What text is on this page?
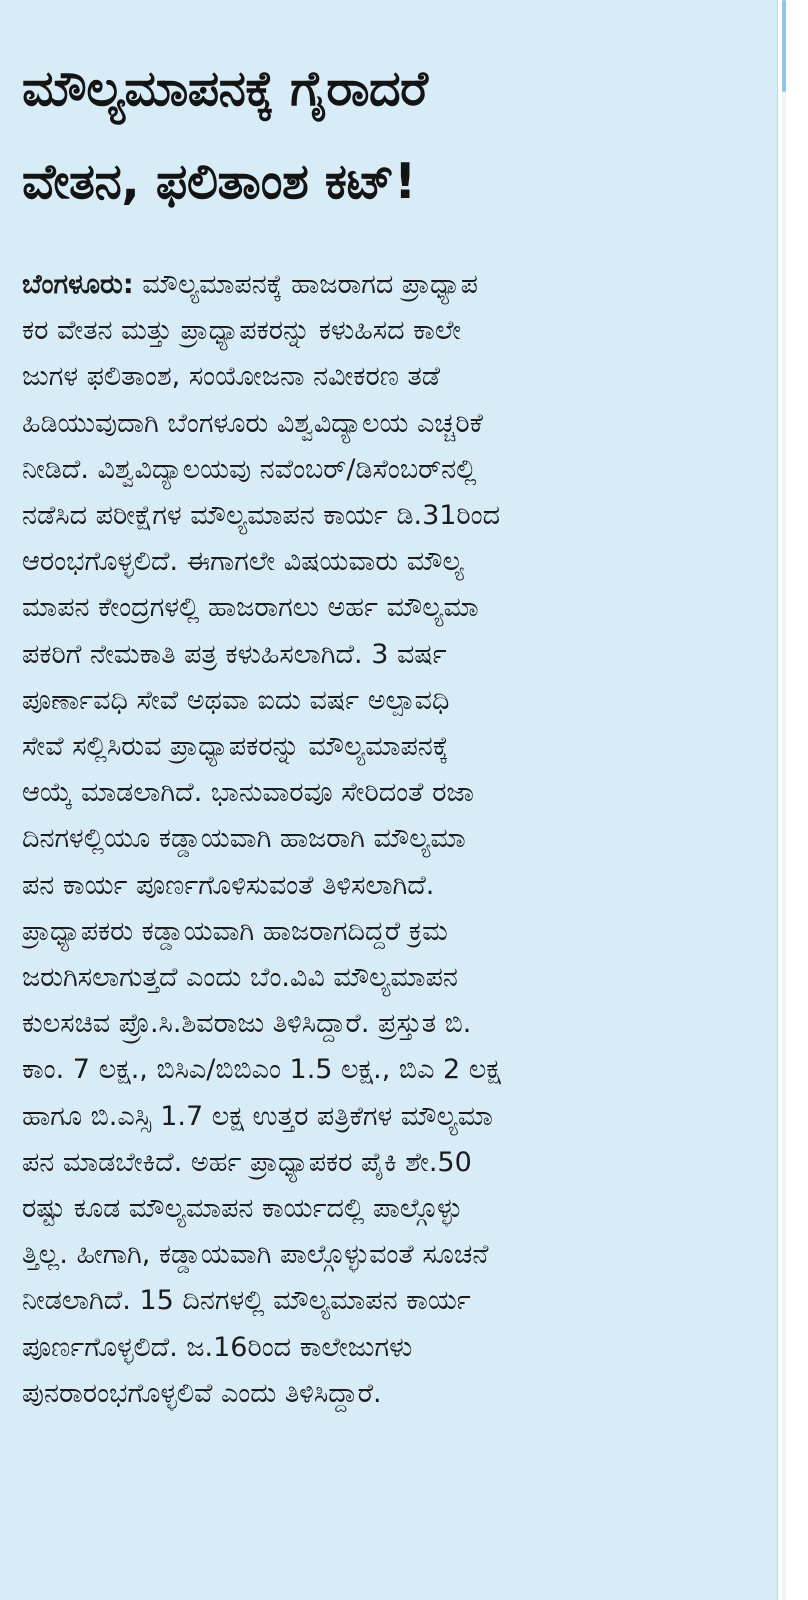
ಮೌಲ್ಯಮಾಪನಕ್ಕೆ ಗೈರಾದರೆ
ವೇತನ, ಫಲಿತಾಂಶ ಕಟ್!
ಬೆಂಗಳೂರು: ಮೌಲ್ಯಮಾಪನಕ್ಕೆ ಹಾಜರಾಗದ ಪ್ರಾಧ್ಯಾಪ
ಕರ ವೇತನ ಮತ್ತು ಪ್ರಾಧ್ಯಾಪಕರನ್ನು ಕಳುಹಿಸದ ಕಾಲೇ
ಜುಗಳ ಫಲಿತಾಂಶ, ಸಂಯೋಜನಾ ನವೀಕರಣ ತಡೆ
ಹಿಡಿಯುವುದಾಗಿ ಬೆಂಗಳೂರು ವಿಶ್ವವಿದ್ಯಾಲಯ ಎಚ್ಚರಿಕೆ
ನೀಡಿದೆ. ವಿಶ್ವವಿದ್ಯಾಲಯವು ನವೆಂಬರ್/ಡಿಸೆಂಬರ್‌ನಲ್ಲಿ
ನಡೆಸಿದ ಪರೀಕ್ಷೆಗಳ ಮೌಲ್ಯಮಾಪನ ಕಾರ್ಯ ಡಿ.31ರಿಂದ
ಆರಂಭಗೊಳ್ಳಲಿದೆ. ಈಗಾಗಲೇ ವಿಷಯವಾರು ಮೌಲ್ಯ
ಮಾಪನ ಕೇಂದ್ರಗಳಲ್ಲಿ ಹಾಜರಾಗಲು ಅರ್ಹ ಮೌಲ್ಯಮಾ
ಪಕರಿಗೆ ನೇಮಕಾತಿ ಪತ್ರ ಕಳುಹಿಸಲಾಗಿದೆ. 3 ವರ್ಷ
ಪೂರ್ಣಾವಧಿ ಸೇವೆ ಅಥವಾ ಐದು ವರ್ಷ ಅಲ್ಪಾವಧಿ
ಸೇವೆ ಸಲ್ಲಿಸಿರುವ ಪ್ರಾಧ್ಯಾಪಕರನ್ನು ಮೌಲ್ಯಮಾಪನಕ್ಕೆ
ಆಯ್ಕೆ ಮಾಡಲಾಗಿದೆ. ಭಾನುವಾರವೂ ಸೇರಿದಂತೆ ರಜಾ
ದಿನಗಳಲ್ಲಿಯೂ ಕಡ್ಡಾಯವಾಗಿ ಹಾಜರಾಗಿ ಮೌಲ್ಯಮಾ
ಪನ ಕಾರ್ಯ ಪೂರ್ಣಗೊಳಿಸುವಂತೆ ತಿಳಿಸಲಾಗಿದೆ.
ಪ್ರಾಧ್ಯಾಪಕರು ಕಡ್ಡಾಯವಾಗಿ ಹಾಜರಾಗದಿದ್ದರೆ ಕ್ರಮ
ಜರುಗಿಸಲಾಗುತ್ತದೆ ಎಂದು ಬೆಂ.ವಿವಿ ಮೌಲ್ಯಮಾಪನ
ಕುಲಸಚಿವ ಪ್ರೊ.ಸಿ.ಶಿವರಾಜು ತಿಳಿಸಿದ್ದಾರೆ. ಪ್ರಸ್ತುತ ಬಿ.
ಕಾಂ. 7 ಲಕ್ಷ., ಬಿಸಿಎ/ಬಿಬಿಎಂ 1.5 ಲಕ್ಷ., ಬಿಎ 2 ಲಕ್ಷ
ಹಾಗೂ ಬಿ.ಎಸ್ಸಿ 1.7 ಲಕ್ಷ ಉತ್ತರ ಪತ್ರಿಕೆಗಳ ಮೌಲ್ಯಮಾ
ಪನ ಮಾಡಬೇಕಿದೆ. ಅರ್ಹ ಪ್ರಾಧ್ಯಾಪಕರ ಪೈಕಿ ಶೇ.50
ರಷ್ಟು ಕೂಡ ಮೌಲ್ಯಮಾಪನ ಕಾರ್ಯದಲ್ಲಿ ಪಾಲ್ಗೊಳ್ಳು
ತ್ತಿಲ್ಲ. ಹೀಗಾಗಿ, ಕಡ್ಡಾಯವಾಗಿ ಪಾಲ್ಗೊಳ್ಳುವಂತೆ ಸೂಚನೆ
ನೀಡಲಾಗಿದೆ. 15 ದಿನಗಳಲ್ಲಿ ಮೌಲ್ಯಮಾಪನ ಕಾರ್ಯ
ಪೂರ್ಣಗೊಳ್ಳಲಿದೆ. ಜ.16ರಿಂದ ಕಾಲೇಜುಗಳು
ಪುನರಾರಂಭಗೊಳ್ಳಲಿವೆ ಎಂದು ತಿಳಿಸಿದ್ದಾರೆ.
